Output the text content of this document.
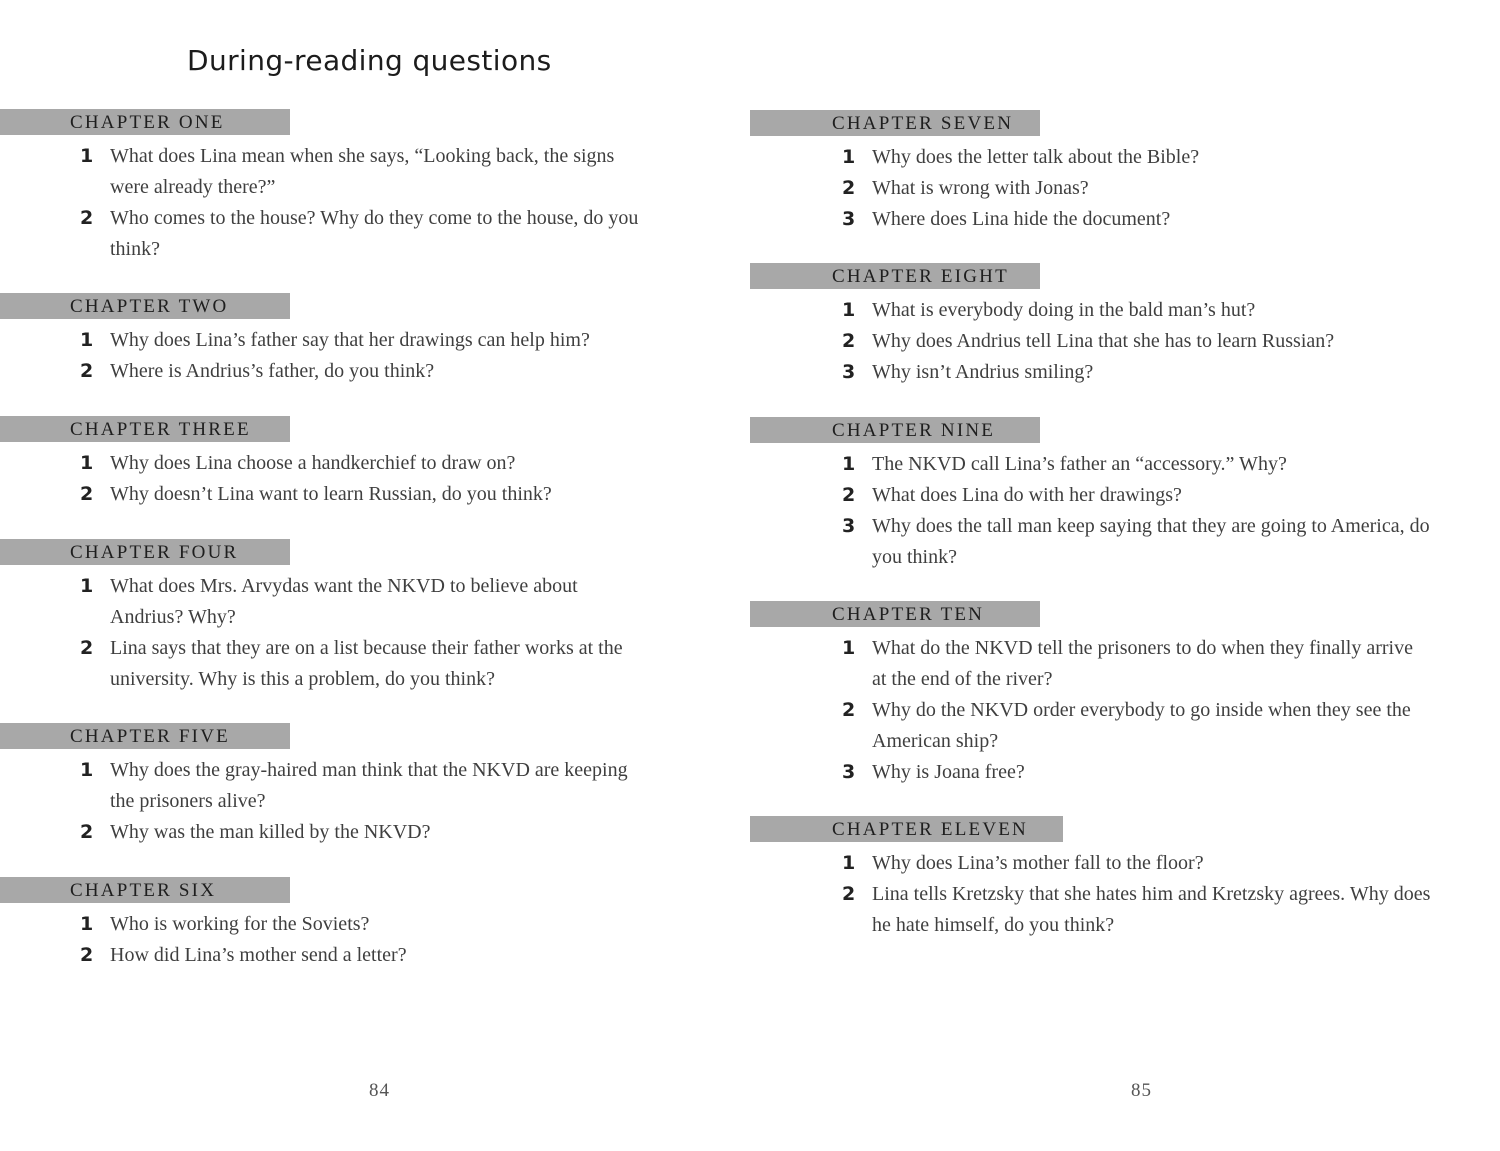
During-reading questions
CHAPTER ONE
1 What does Lina mean when she says, “Looking back, the signs were already there?”
2 Who comes to the house? Why do they come to the house, do you think?
CHAPTER TWO
1 Why does Lina’s father say that her drawings can help him?
2 Where is Andrius’s father, do you think?
CHAPTER THREE
1 Why does Lina choose a handkerchief to draw on?
2 Why doesn’t Lina want to learn Russian, do you think?
CHAPTER FOUR
1 What does Mrs. Arvydas want the NKVD to believe about Andrius? Why?
2 Lina says that they are on a list because their father works at the university. Why is this a problem, do you think?
CHAPTER FIVE
1 Why does the gray-haired man think that the NKVD are keeping the prisoners alive?
2 Why was the man killed by the NKVD?
CHAPTER SIX
1 Who is working for the Soviets?
2 How did Lina’s mother send a letter?
84
CHAPTER SEVEN
1 Why does the letter talk about the Bible?
2 What is wrong with Jonas?
3 Where does Lina hide the document?
CHAPTER EIGHT
1 What is everybody doing in the bald man’s hut?
2 Why does Andrius tell Lina that she has to learn Russian?
3 Why isn’t Andrius smiling?
CHAPTER NINE
1 The NKVD call Lina’s father an “accessory.” Why?
2 What does Lina do with her drawings?
3 Why does the tall man keep saying that they are going to America, do you think?
CHAPTER TEN
1 What do the NKVD tell the prisoners to do when they finally arrive at the end of the river?
2 Why do the NKVD order everybody to go inside when they see the American ship?
3 Why is Joana free?
CHAPTER ELEVEN
1 Why does Lina’s mother fall to the floor?
2 Lina tells Kretzsky that she hates him and Kretzsky agrees. Why does he hate himself, do you think?
85
